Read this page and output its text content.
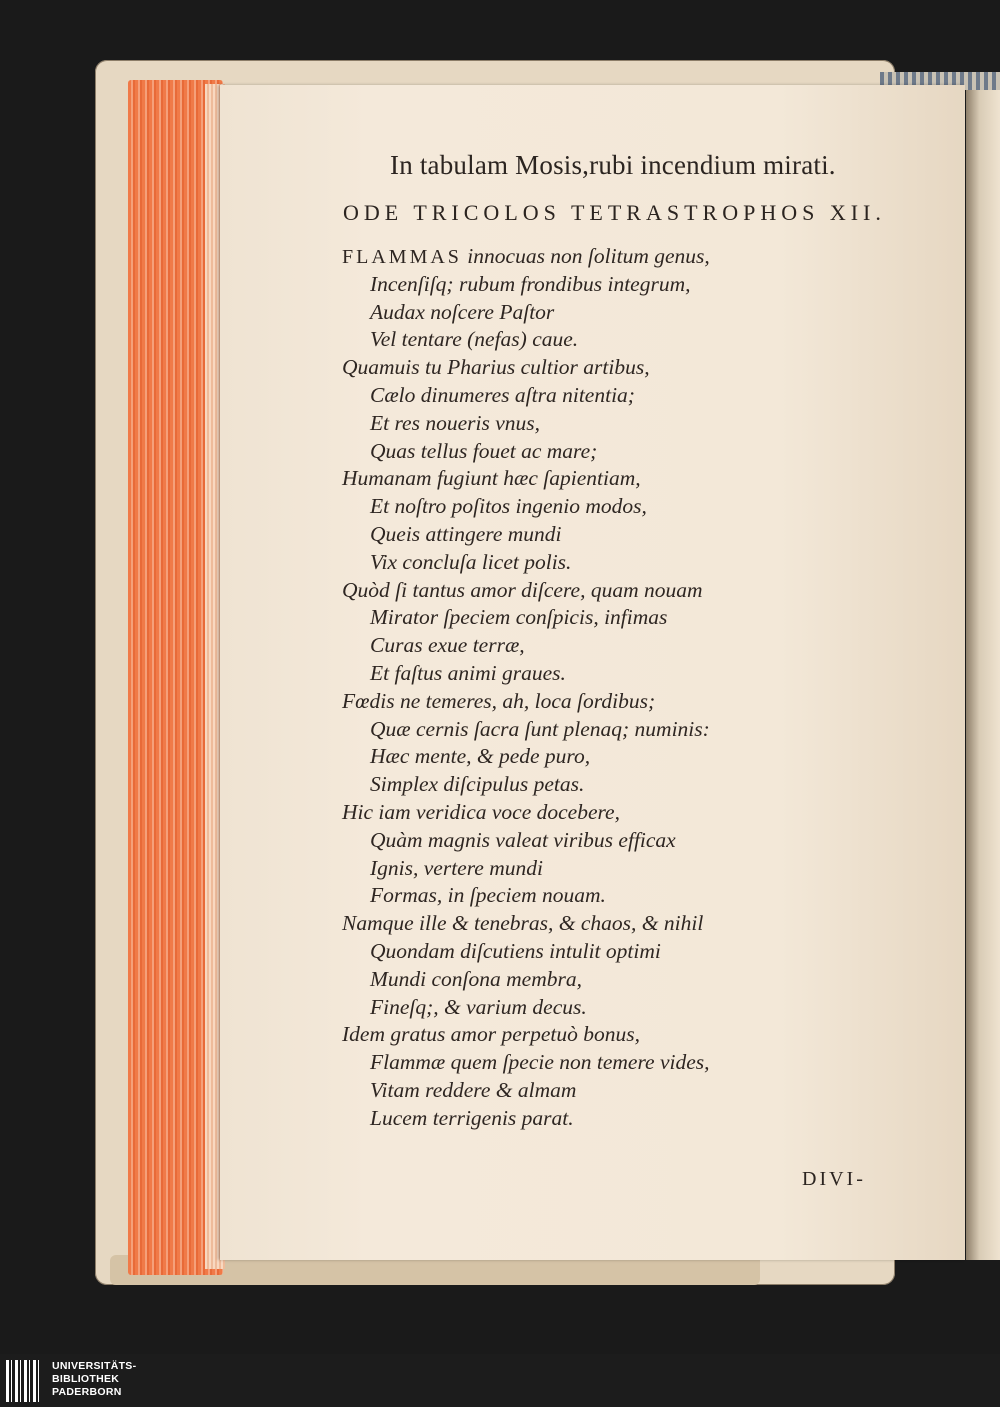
In tabulam Mosis,rubi incendium mirati.
ODE TRICOLOS TETRASTROPHOS XII.
FLAMMAS innocuas non ſolitum genus,
Incenſiſq; rubum frondibus integrum,
Audax noſcere Paſtor
Vel tentare (nefas) caue.
Quamuis tu Pharius cultior artibus,
Cælo dinumeres aſtra nitentia;
Et res noueris vnus,
Quas tellus fouet ac mare;
Humanam fugiunt hæc ſapientiam,
Et noſtro poſitos ingenio modos,
Queis attingere mundi
Vix concluſa licet polis.
Quòd ſi tantus amor diſcere, quam nouam
Mirator ſpeciem conſpicis, infimas
Curas exue terræ,
Et faſtus animi graues.
Fœdis ne temeres, ah, loca ſordibus;
Quæ cernis ſacra ſunt plenaq; numinis:
Hæc mente, & pede puro,
Simplex diſcipulus petas.
Hic iam veridica voce docebere,
Quàm magnis valeat viribus efficax
Ignis, vertere mundi
Formas, in ſpeciem nouam.
Namque ille & tenebras, & chaos, & nihil
Quondam diſcutiens intulit optimi
Mundi conſona membra,
Fineſq;, & varium decus.
Idem gratus amor perpetuò bonus,
Flammæ quem ſpecie non temere vides,
Vitam reddere & almam
Lucem terrigenis parat.
DIVI-
UNIVERSITÄTS-
BIBLIOTHEK
PADERBORN
